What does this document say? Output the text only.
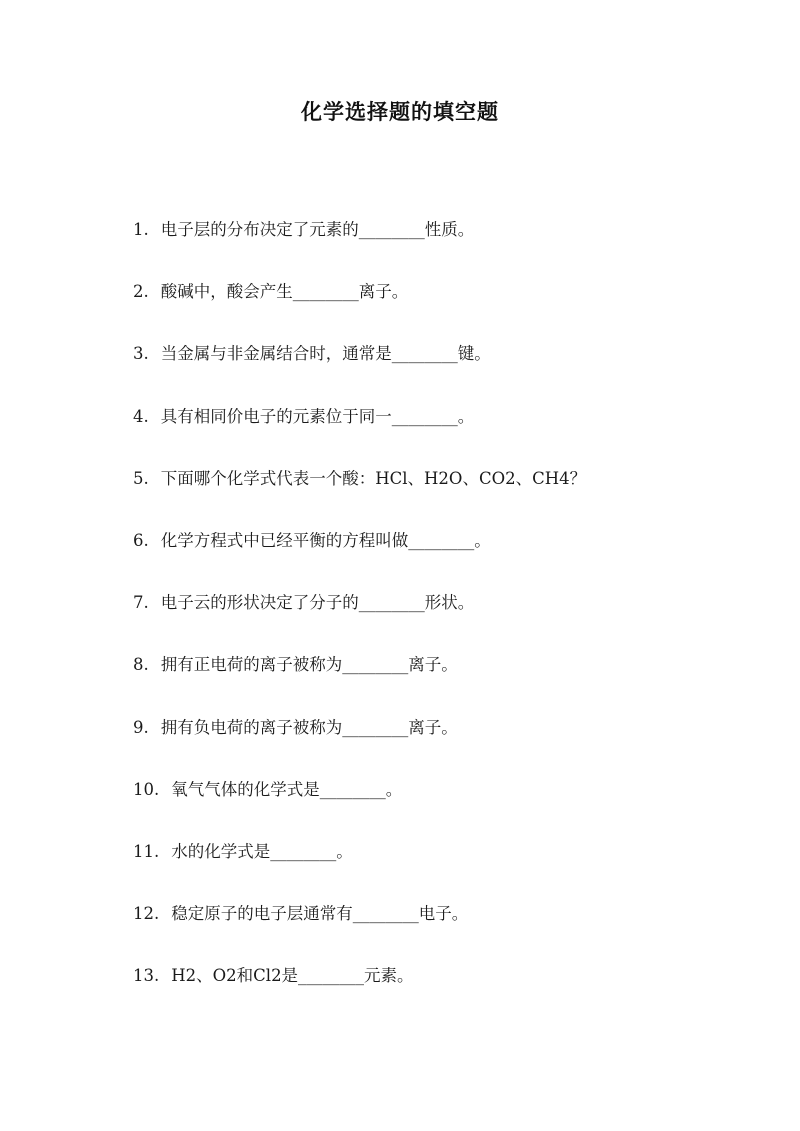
化学选择题的填空题
1. 电子层的分布决定了元素的________性质。
2. 酸碱中，酸会产生________离子。
3. 当金属与非金属结合时，通常是________键。
4. 具有相同价电子的元素位于同一________。
5. 下面哪个化学式代表一个酸：HCl、H2O、CO2、CH4？
6. 化学方程式中已经平衡的方程叫做________。
7. 电子云的形状决定了分子的________形状。
8. 拥有正电荷的离子被称为________离子。
9. 拥有负电荷的离子被称为________离子。
10. 氧气气体的化学式是________。
11. 水的化学式是________。
12. 稳定原子的电子层通常有________电子。
13. H2、O2和Cl2是________元素。
